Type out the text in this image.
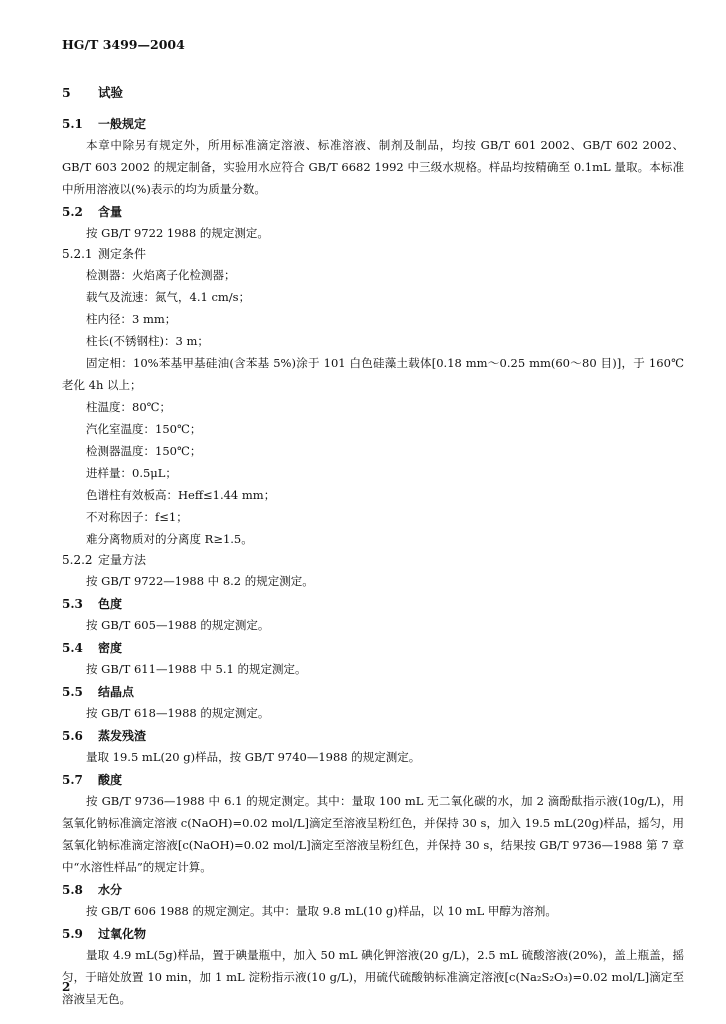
HG/T 3499—2004
5 试验
5.1 一般规定
本章中除另有规定外，所用标准滴定溶液、标准溶液、制剂及制品，均按 GB/T 601 2002、GB/T 602 2002、GB/T 603 2002 的规定制备，实验用水应符合 GB/T 6682 1992 中三级水规格。样品均按精确至 0.1mL 量取。本标准中所用溶液以(%)表示的均为质量分数。
5.2 含量
按 GB/T 9722 1988 的规定测定。
5.2.1 测定条件
检测器：火焰离子化检测器；
载气及流速：氮气，4.1 cm/s；
柱内径：3 mm；
柱长(不锈钢柱)：3 m；
固定相：10%苯基甲基硅油(含苯基 5%)涂于 101 白色硅藻土载体[0.18 mm～0.25 mm(60～80 目)]，于 160℃ 老化 4h 以上；
柱温度：80℃；
汽化室温度：150℃；
检测器温度：150℃；
进样量：0.5μL；
色谱柱有效板高：Heff≤1.44 mm；
不对称因子：f≤1；
难分离物质对的分离度 R≥1.5。
5.2.2 定量方法
按 GB/T 9722—1988 中 8.2 的规定测定。
5.3 色度
按 GB/T 605—1988 的规定测定。
5.4 密度
按 GB/T 611—1988 中 5.1 的规定测定。
5.5 结晶点
按 GB/T 618—1988 的规定测定。
5.6 蒸发残渣
量取 19.5 mL(20 g)样品，按 GB/T 9740—1988 的规定测定。
5.7 酸度
按 GB/T 9736—1988 中 6.1 的规定测定。其中：量取 100 mL 无二氧化碳的水，加 2 滴酚酞指示液(10g/L)，用氢氧化钠标准滴定溶液 c(NaOH)=0.02 mol/L]滴定至溶液呈粉红色，并保持 30 s，加入 19.5 mL(20g)样品，摇匀，用氢氧化钠标准滴定溶液[c(NaOH)=0.02 mol/L]滴定至溶液呈粉红色，并保持 30 s，结果按 GB/T 9736—1988 第 7 章中“水溶性样品”的规定计算。
5.8 水分
按 GB/T 606 1988 的规定测定。其中：量取 9.8 mL(10 g)样品，以 10 mL 甲醇为溶剂。
5.9 过氧化物
量取 4.9 mL(5g)样品，置于碘量瓶中，加入 50 mL 碘化钾溶液(20 g/L)，2.5 mL 硫酸溶液(20%)，盖上瓶盖，摇匀，于暗处放置 10 min，加 1 mL 淀粉指示液(10 g/L)，用硫代硫酸钠标准滴定溶液[c(Na₂S₂O₃)=0.02 mol/L]滴定至溶液呈无色。
2
